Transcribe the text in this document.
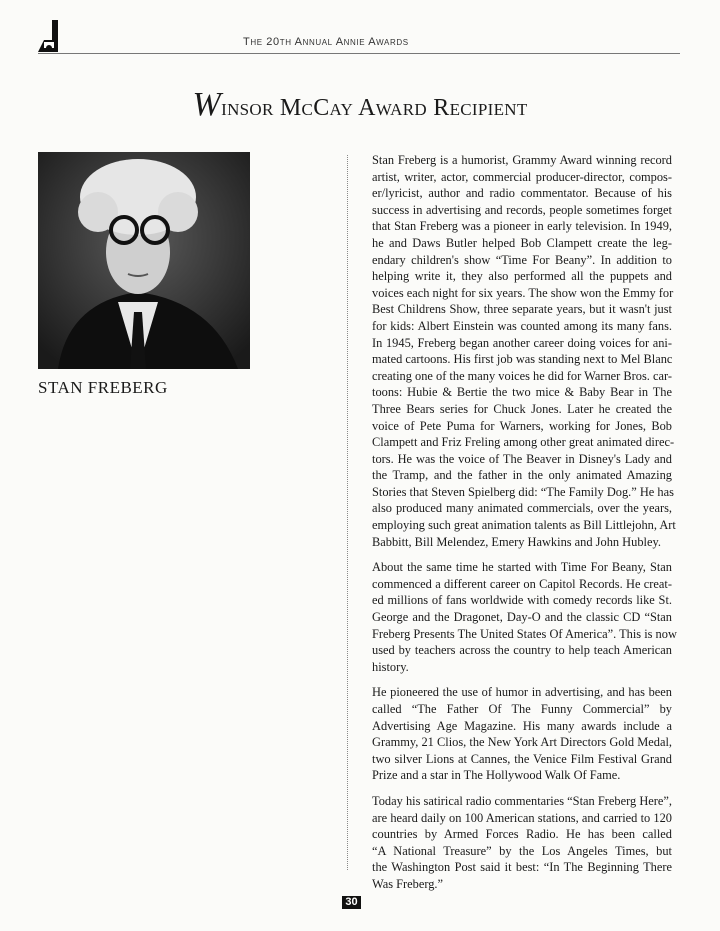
The 20th Annual Annie Awards
Winsor McCay Award Recipient
STAN FREBERG
Stan Freberg is a humorist, Grammy Award winning record
artist, writer, actor, commercial producer-director, compos-
er/lyricist, author and radio commentator. Because of his
success in advertising and records, people sometimes forget
that Stan Freberg was a pioneer in early television. In 1949,
he and Daws Butler helped Bob Clampett create the leg-
endary children's show “Time For Beany”. In addition to
helping write it, they also performed all the puppets and
voices each night for six years. The show won the Emmy for
Best Childrens Show, three separate years, but it wasn't just
for kids: Albert Einstein was counted among its many fans.
In 1945, Freberg began another career doing voices for ani-
mated cartoons. His first job was standing next to Mel Blanc
creating one of the many voices he did for Warner Bros. car-
toons: Hubie & Bertie the two mice & Baby Bear in The
Three Bears series for Chuck Jones. Later he created the
voice of Pete Puma for Warners, working for Jones, Bob
Clampett and Friz Freling among other great animated direc-
tors. He was the voice of The Beaver in Disney's Lady and
the Tramp, and the father in the only animated Amazing
Stories that Steven Spielberg did: “The Family Dog.” He has
also produced many animated commercials, over the years,
employing such great animation talents as Bill Littlejohn, Art
Babbitt, Bill Melendez, Emery Hawkins and John Hubley.
About the same time he started with Time For Beany, Stan
commenced a different career on Capitol Records. He creat-
ed millions of fans worldwide with comedy records like St.
George and the Dragonet, Day-O and the classic CD “Stan
Freberg Presents The United States Of America”. This is now
used by teachers across the country to help teach American
history.
He pioneered the use of humor in advertising, and has been
called “The Father Of The Funny Commercial” by
Advertising Age Magazine. His many awards include a
Grammy, 21 Clios, the New York Art Directors Gold Medal,
two silver Lions at Cannes, the Venice Film Festival Grand
Prize and a star in The Hollywood Walk Of Fame.
Today his satirical radio commentaries “Stan Freberg Here”,
are heard daily on 100 American stations, and carried to 120
countries by Armed Forces Radio. He has been called
“A National Treasure” by the Los Angeles Times, but
the Washington Post said it best: “In The Beginning There
Was Freberg.”
30
